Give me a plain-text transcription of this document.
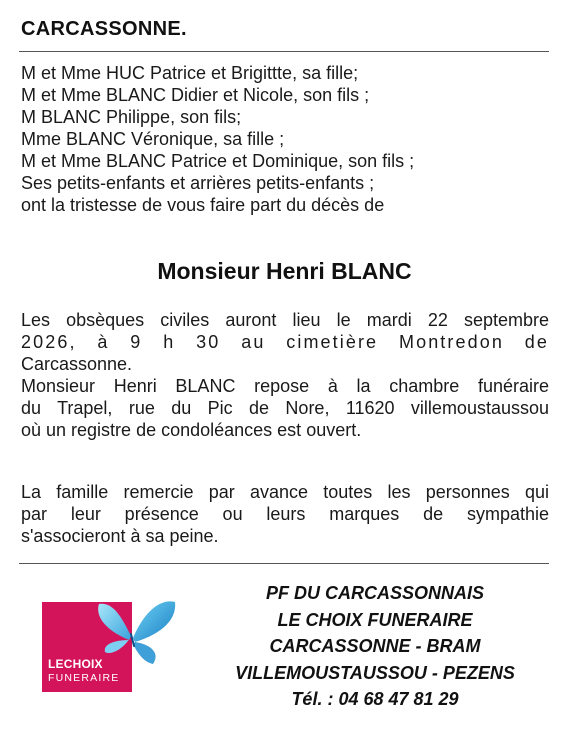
CARCASSONNE.
M et Mme HUC Patrice et Brigittte, sa fille;
M et Mme BLANC Didier et Nicole, son fils ;
M BLANC Philippe, son fils;
Mme BLANC Véronique, sa fille ;
M et Mme BLANC Patrice et Dominique, son fils ;
Ses petits-enfants et arrières petits-enfants ;
ont la tristesse de vous faire part du décès de
Monsieur Henri BLANC
Les obsèques civiles auront lieu le mardi 22 septembre
2026, à 9 h 30 au cimetière Montredon de
Carcassonne.
Monsieur Henri BLANC repose à la chambre funéraire
du Trapel, rue du Pic de Nore, 11620 villemoustaussou
où un registre de condoléances est ouvert.
La famille remercie par avance toutes les personnes qui
par leur présence ou leurs marques de sympathie
s'associeront à sa peine.
LECHOIX
FUNERAIRE
PF DU CARCASSONNAIS
LE CHOIX FUNERAIRE
CARCASSONNE - BRAM
VILLEMOUSTAUSSOU - PEZENS
Tél. : 04 68 47 81 29
